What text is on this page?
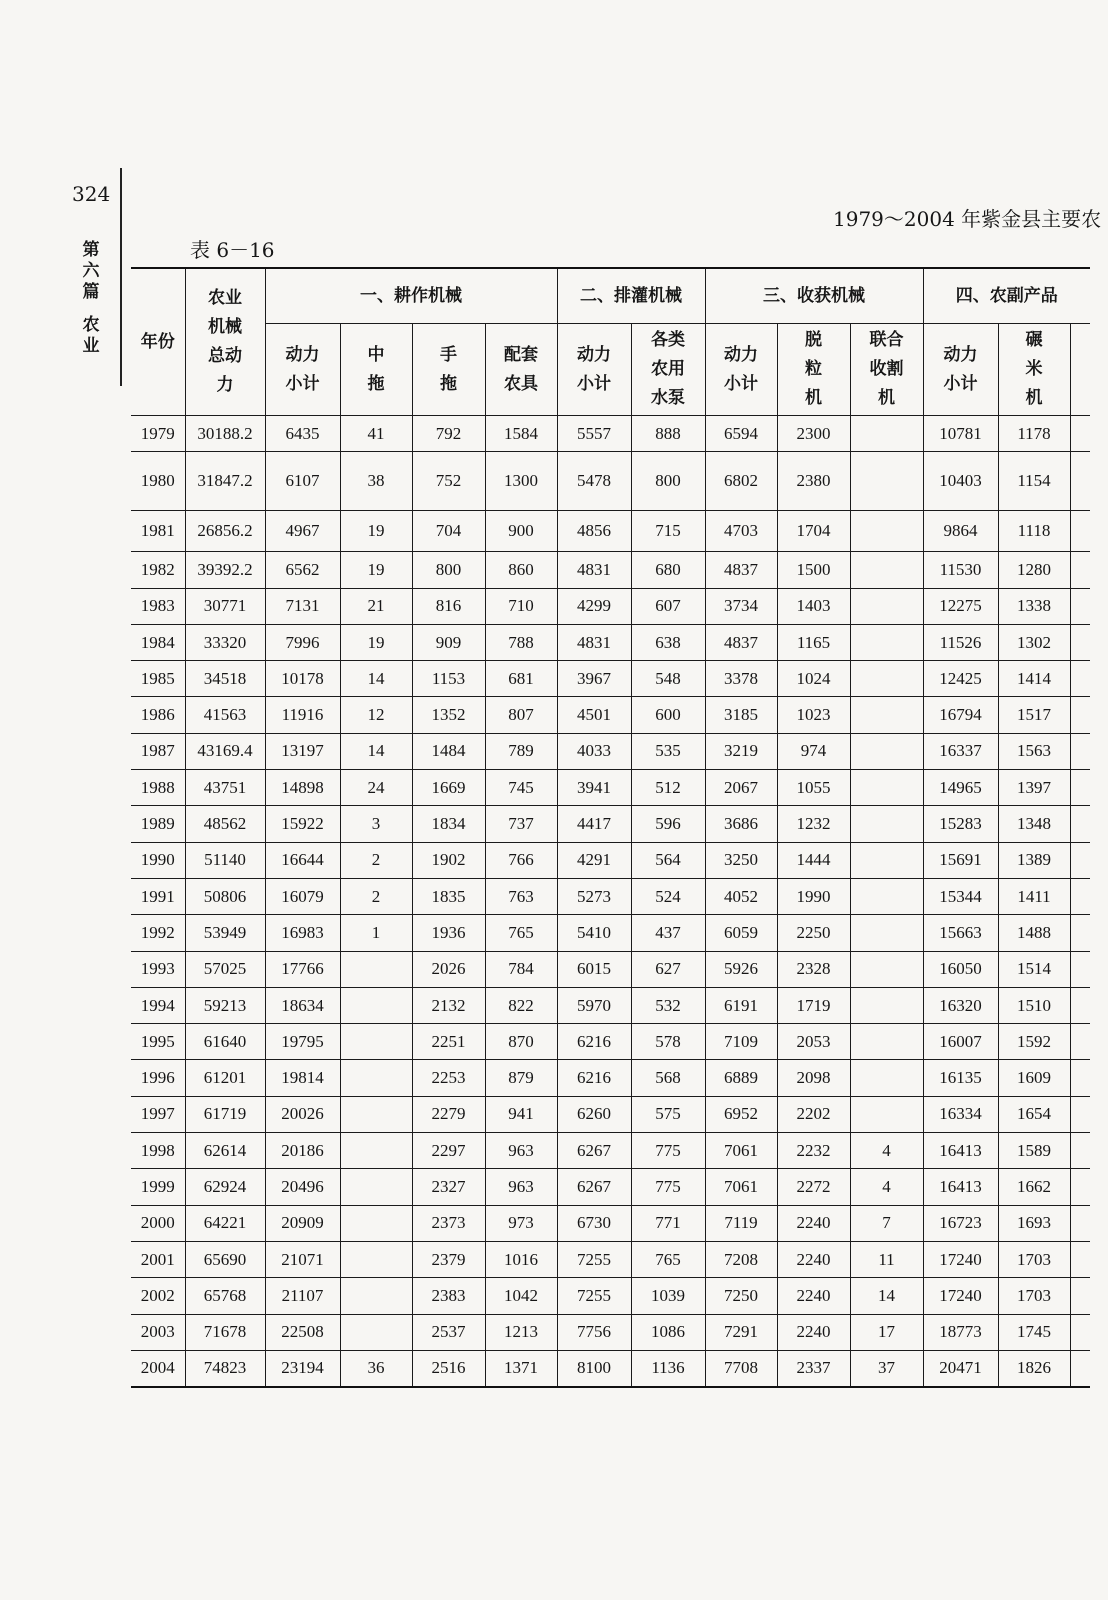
324
第
六
篇
农
业
1979～2004 年紫金县主要农
表 6－16
年份	农业机械总动力	一、耕作机械				二、排灌机械		三、收获机械			四、农副产品		
		动力小计	中拖	手拖	配套农具	动力小计	各类农用水泵	动力小计	脱粒机	联合收割机	动力小计	碾米机	
1979	30188.2	6435	41	792	1584	5557	888	6594	2300		10781	1178	
1980	31847.2	6107	38	752	1300	5478	800	6802	2380		10403	1154	
1981	26856.2	4967	19	704	900	4856	715	4703	1704		9864	1118	
1982	39392.2	6562	19	800	860	4831	680	4837	1500		11530	1280	
1983	30771	7131	21	816	710	4299	607	3734	1403		12275	1338	
1984	33320	7996	19	909	788	4831	638	4837	1165		11526	1302	
1985	34518	10178	14	1153	681	3967	548	3378	1024		12425	1414	
1986	41563	11916	12	1352	807	4501	600	3185	1023		16794	1517	
1987	43169.4	13197	14	1484	789	4033	535	3219	974		16337	1563	
1988	43751	14898	24	1669	745	3941	512	2067	1055		14965	1397	
1989	48562	15922	3	1834	737	4417	596	3686	1232		15283	1348	
1990	51140	16644	2	1902	766	4291	564	3250	1444		15691	1389	
1991	50806	16079	2	1835	763	5273	524	4052	1990		15344	1411	
1992	53949	16983	1	1936	765	5410	437	6059	2250		15663	1488	
1993	57025	17766		2026	784	6015	627	5926	2328		16050	1514	
1994	59213	18634		2132	822	5970	532	6191	1719		16320	1510	
1995	61640	19795		2251	870	6216	578	7109	2053		16007	1592	
1996	61201	19814		2253	879	6216	568	6889	2098		16135	1609	
1997	61719	20026		2279	941	6260	575	6952	2202		16334	1654	
1998	62614	20186		2297	963	6267	775	7061	2232	4	16413	1589	
1999	62924	20496		2327	963	6267	775	7061	2272	4	16413	1662	
2000	64221	20909		2373	973	6730	771	7119	2240	7	16723	1693	
2001	65690	21071		2379	1016	7255	765	7208	2240	11	17240	1703	
2002	65768	21107		2383	1042	7255	1039	7250	2240	14	17240	1703	
2003	71678	22508		2537	1213	7756	1086	7291	2240	17	18773	1745	
2004	74823	23194	36	2516	1371	8100	1136	7708	2337	37	20471	1826	
